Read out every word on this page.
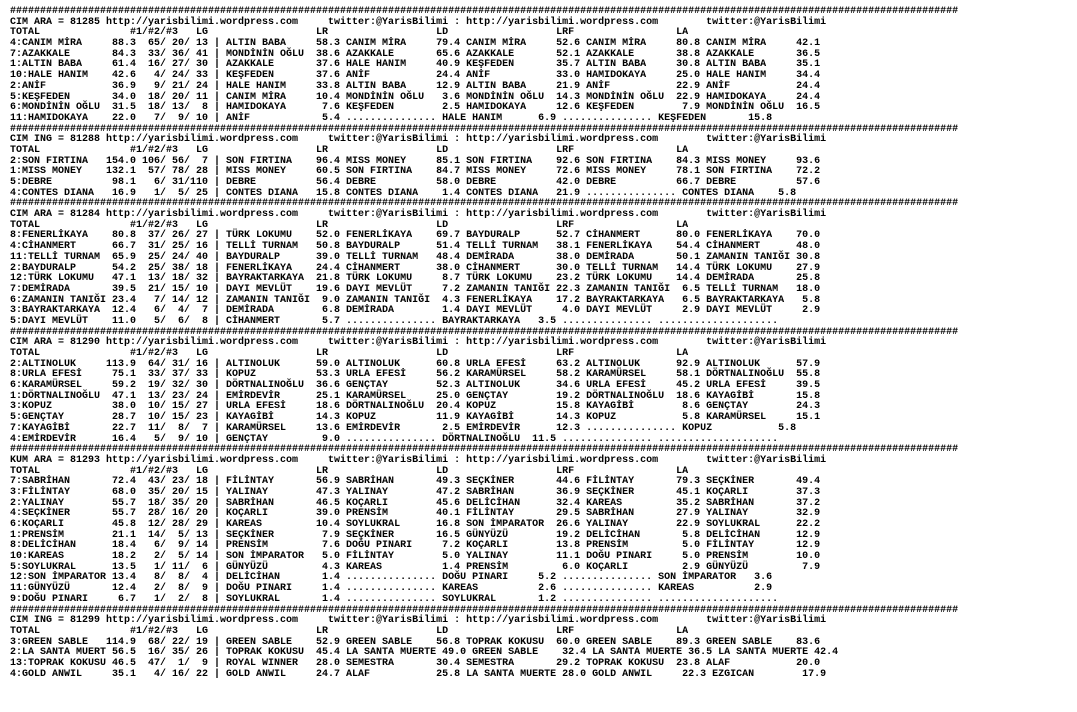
##############################################################################################################################################################
CIM ARA = 81285 http://yarisbilimi.wordpress.com     twitter:@YarisBilimi : http://yarisbilimi.wordpress.com        twitter:@YarisBilimi
TOTAL               #1/#2/#3   LG                  LR                  LD                  LRF                 LA
4:CANIM MİRA     88.3  65/ 20/ 13 | ALTIN BABA     58.3 CANIM MİRA     79.4 CANIM MİRA     52.6 CANIM MİRA     80.8 CANIM MİRA     42.1
7:AZAKKALE       84.3  33/ 36/ 41 | MONDİNİN OĞLU  38.6 AZAKKALE       65.6 AZAKKALE       52.1 AZAKKALE       38.8 AZAKKALE       36.5
1:ALTIN BABA     61.4  16/ 27/ 30 | AZAKKALE       37.6 HALE HANIM     40.9 KEŞFEDEN       35.7 ALTIN BABA     30.8 ALTIN BABA     35.1
10:HALE HANIM    42.6   4/ 24/ 33 | KEŞFEDEN       37.6 ANİF           24.4 ANİF           33.0 HAMIDOKAYA     25.0 HALE HANIM     34.4
2:ANİF           36.9   9/ 21/ 24 | HALE HANIM     33.8 ALTIN BABA     12.9 ALTIN BABA     21.9 ANİF           22.9 ANİF           24.4
5:KEŞFEDEN       34.0  18/ 20/ 11 | CANIM MİRA     10.4 MONDİNİN OĞLU   3.6 MONDİNİN OĞLU  14.3 MONDİNİN OĞLU  22.9 HAMIDOKAYA     24.4
6:MONDİNİN OĞLU  31.5  18/ 13/  8 | HAMIDOKAYA      7.6 KEŞFEDEN        2.5 HAMIDOKAYA     12.6 KEŞFEDEN        7.9 MONDİNİN OĞLU  16.5
11:HAMIDOKAYA    22.0   7/  9/ 10 | ANİF            5.4 ............... HALE HANIM      6.9 ............... KEŞFEDEN       15.8
##############################################################################################################################################################
CIM ING = 81288 http://yarisbilimi.wordpress.com     twitter:@YarisBilimi : http://yarisbilimi.wordpress.com        twitter:@YarisBilimi
TOTAL               #1/#2/#3   LG                  LR                  LD                  LRF                 LA
2:SON FIRTINA   154.0 106/ 56/  7 | SON FIRTINA    96.4 MISS MONEY     85.1 SON FIRTINA    92.6 SON FIRTINA    84.3 MISS MONEY     93.6
1:MISS MONEY    132.1  57/ 78/ 28 | MISS MONEY     60.5 SON FIRTINA    84.7 MISS MONEY     72.6 MISS MONEY     78.1 SON FIRTINA    72.2
5:DEBRE          98.1   6/ 31/110 | DEBRE          56.4 DEBRE          58.0 DEBRE          42.0 DEBRE          66.7 DEBRE          57.6
4:CONTES DIANA   16.9   1/  5/ 25 | CONTES DIANA   15.8 CONTES DIANA    1.4 CONTES DIANA   21.9 ............... CONTES DIANA    5.8
##############################################################################################################################################################
CIM ARA = 81284 http://yarisbilimi.wordpress.com     twitter:@YarisBilimi : http://yarisbilimi.wordpress.com        twitter:@YarisBilimi
TOTAL               #1/#2/#3   LG                  LR                  LD                  LRF                 LA
8:FENERLİKAYA    80.8  37/ 26/ 27 | TÜRK LOKUMU    52.0 FENERLİKAYA    69.7 BAYDURALP      52.7 CİHANMERT      80.0 FENERLİKAYA    70.0
4:CİHANMERT      66.7  31/ 25/ 16 | TELLİ TURNAM   50.8 BAYDURALP      51.4 TELLİ TURNAM   38.1 FENERLİKAYA    54.4 CİHANMERT      48.0
11:TELLİ TURNAM  65.9  25/ 24/ 40 | BAYDURALP      39.0 TELLİ TURNAM   48.4 DEMİRADA       38.0 DEMİRADA       50.1 ZAMANIN TANIĞI 30.8
2:BAYDURALP      54.2  25/ 38/ 18 | FENERLİKAYA    24.4 CİHANMERT      38.0 CİHANMERT      30.0 TELLİ TURNAM   14.4 TÜRK LOKUMU    27.9
12:TÜRK LOKUMU   47.1  13/ 18/ 32 | BAYRAKTARKAYA  21.8 TÜRK LOKUMU     8.7 TÜRK LOKUMU    23.2 TÜRK LOKUMU    14.4 DEMİRADA       25.8
7:DEMİRADA       39.5  21/ 15/ 10 | DAYI MEVLÜT    19.6 DAYI MEVLÜT     7.2 ZAMANIN TANIĞI 22.3 ZAMANIN TANIĞI  6.5 TELLİ TURNAM   18.0
6:ZAMANIN TANIĞI 23.4   7/ 14/ 12 | ZAMANIN TANIĞI  9.0 ZAMANIN TANIĞI  4.3 FENERLİKAYA    17.2 BAYRAKTARKAYA   6.5 BAYRAKTARKAYA   5.8
3:BAYRAKTARKAYA  12.4   6/  4/  7 | DEMİRADA        6.8 DEMİRADA        1.4 DAYI MEVLÜT     4.0 DAYI MEVLÜT     2.9 DAYI MEVLÜT     2.9
5:DAYI MEVLÜT    11.0   5/  6/  8 | CİHANMERT       5.7 ............... BAYRAKTARKAYA   3.5 ............... ....................
##############################################################################################################################################################
CIM ARA = 81290 http://yarisbilimi.wordpress.com     twitter:@YarisBilimi : http://yarisbilimi.wordpress.com        twitter:@YarisBilimi
TOTAL               #1/#2/#3   LG                  LR                  LD                  LRF                 LA
2:ALTINOLUK     113.9  64/ 31/ 16 | ALTINOLUK      59.0 ALTINOLUK      60.8 URLA EFESİ     63.2 ALTINOLUK      92.9 ALTINOLUK      57.9
8:URLA EFESİ     75.1  33/ 37/ 33 | KOPUZ          53.3 URLA EFESİ     56.2 KARAMÜRSEL     58.2 KARAMÜRSEL     58.1 DÖRTNALINOĞLU  55.8
6:KARAMÜRSEL     59.2  19/ 32/ 30 | DÖRTNALINOĞLU  36.6 GENÇTAY        52.3 ALTINOLUK      34.6 URLA EFESİ     45.2 URLA EFESİ     39.5
1:DÖRTNALINOĞLU  47.1  13/ 23/ 24 | EMİRDEVİR      25.1 KARAMÜRSEL     25.0 GENÇTAY        19.2 DÖRTNALINOĞLU  18.6 KAYAGİBİ       15.8
3:KOPUZ          38.0  10/ 15/ 27 | URLA EFESİ     18.6 DÖRTNALINOĞLU  20.4 KOPUZ          15.8 KAYAGİBİ        8.6 GENÇTAY        24.3
5:GENÇTAY        28.7  10/ 15/ 23 | KAYAGİBİ       14.3 KOPUZ          11.9 KAYAGİBİ       14.3 KOPUZ           5.8 KARAMÜRSEL     15.1
7:KAYAGİBİ       22.7  11/  8/  7 | KARAMÜRSEL     13.6 EMİRDEVİR       2.5 EMİRDEVİR      12.3 ............... KOPUZ           5.8
4:EMİRDEVİR      16.4   5/  9/ 10 | GENÇTAY         9.0 ............... DÖRTNALINOĞLU  11.5 ............... ....................
##############################################################################################################################################################
KUM ARA = 81293 http://yarisbilimi.wordpress.com     twitter:@YarisBilimi : http://yarisbilimi.wordpress.com        twitter:@YarisBilimi
TOTAL               #1/#2/#3   LG                  LR                  LD                  LRF                 LA
7:SABRİHAN       72.4  43/ 23/ 18 | FİLİNTAY       56.9 SABRİHAN       49.3 SEÇKİNER       44.6 FİLİNTAY       79.3 SEÇKİNER       49.4
3:FİLİNTAY       68.0  35/ 20/ 15 | YALINAY        47.3 YALINAY        47.2 SABRİHAN       36.9 SEÇKİNER       45.1 KOÇARLI        37.3
2:YALINAY        55.7  18/ 35/ 20 | SABRİHAN       46.5 KOÇARLI        45.6 DELİCİHAN      32.4 KAREAS         35.2 SABRİHAN       37.2
4:SEÇKİNER       55.7  28/ 16/ 20 | KOÇARLI        39.0 PRENSİM        40.1 FİLİNTAY       29.5 SABRİHAN       27.9 YALINAY        32.9
6:KOÇARLI        45.8  12/ 28/ 29 | KAREAS         10.4 SOYLUKRAL      16.8 SON İMPARATOR  26.6 YALINAY        22.9 SOYLUKRAL      22.2
1:PRENSİM        21.1  14/  5/ 13 | SEÇKİNER        7.9 SEÇKİNER       16.5 GÜNYÜZÜ        19.2 DELİCİHAN       5.8 DELİCİHAN      12.9
8:DELİCİHAN      18.4   6/  9/ 14 | PRENSİM         7.6 DOĞU PINARI     7.2 KOÇARLI        13.8 PRENSİM         5.0 FİLİNTAY       12.9
10:KAREAS        18.2   2/  5/ 14 | SON İMPARATOR   5.0 FİLİNTAY        5.0 YALINAY        11.1 DOĞU PINARI     5.0 PRENSİM        10.0
5:SOYLUKRAL      13.5   1/ 11/  6 | GÜNYÜZÜ         4.3 KAREAS          1.4 PRENSİM         6.0 KOÇARLI         2.9 GÜNYÜZÜ         7.9
12:SON İMPARATOR 13.4   8/  8/  4 | DELİCİHAN       1.4 ............... DOĞU PINARI     5.2 ............... SON İMPARATOR   3.6
11:GÜNYÜZÜ       12.4   2/  8/  9 | DOĞU PINARI     1.4 ............... KAREAS          2.6 ............... KAREAS          2.9
9:DOĞU PINARI     6.7   1/  2/  8 | SOYLUKRAL       1.4 ............... SOYLUKRAL       1.2 ............... ....................
##############################################################################################################################################################
CIM ING = 81299 http://yarisbilimi.wordpress.com     twitter:@YarisBilimi : http://yarisbilimi.wordpress.com        twitter:@YarisBilimi
TOTAL               #1/#2/#3   LG                  LR                  LD                  LRF                 LA
3:GREEN SABLE   114.9  68/ 22/ 19 | GREEN SABLE    52.9 GREEN SABLE    56.8 TOPRAK KOKUSU  60.0 GREEN SABLE    89.3 GREEN SABLE    83.6
2:LA SANTA MUERT 56.5  16/ 35/ 26 | TOPRAK KOKUSU  45.4 LA SANTA MUERTE 49.0 GREEN SABLE    32.4 LA SANTA MUERTE 36.5 LA SANTA MUERTE 42.4
13:TOPRAK KOKUSU 46.5  47/  1/  9 | ROYAL WINNER   28.0 SEMESTRA       30.4 SEMESTRA       29.2 TOPRAK KOKUSU  23.8 ALAF           20.0
4:GOLD ANWIL     35.1   4/ 16/ 22 | GOLD ANWIL     24.7 ALAF           25.8 LA SANTA MUERTE 28.0 GOLD ANWIL     22.3 EZGICAN        17.9
